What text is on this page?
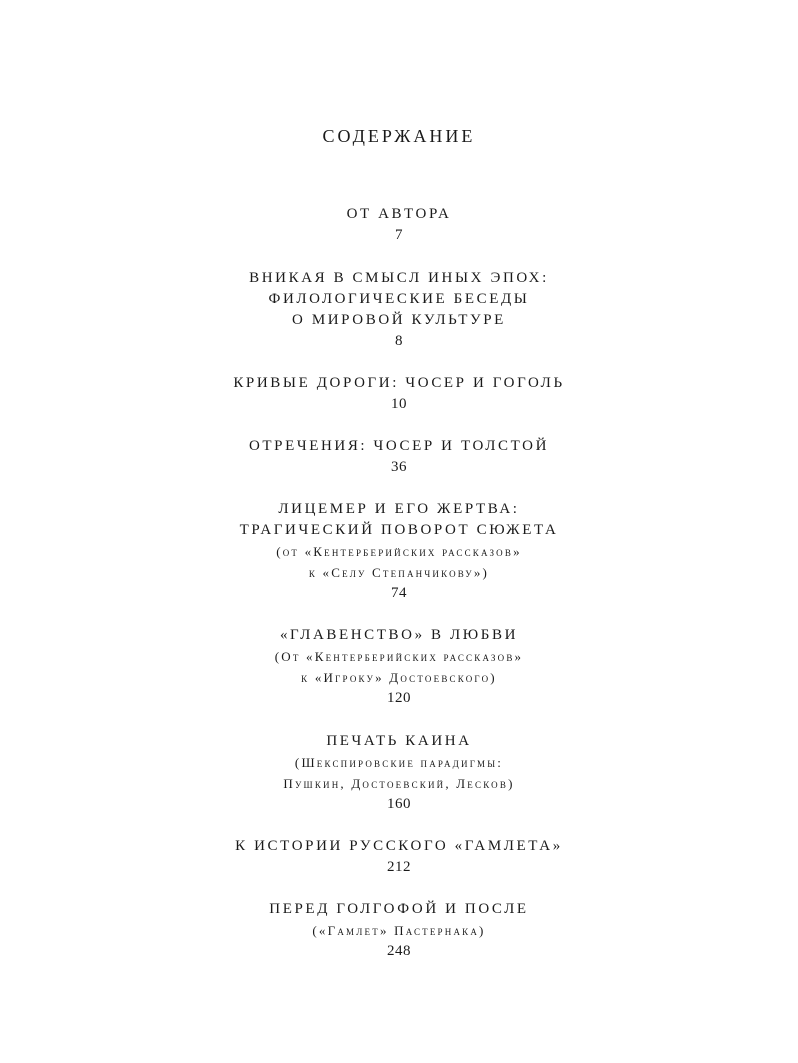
СОДЕРЖАНИЕ
ОТ АВТОРА
7
ВНИКАЯ В СМЫСЛ ИНЫХ ЭПОХ:
ФИЛОЛОГИЧЕСКИЕ БЕСЕДЫ
О МИРОВОЙ КУЛЬТУРЕ
8
КРИВЫЕ ДОРОГИ: ЧОСЕР И ГОГОЛЬ
10
ОТРЕЧЕНИЯ: ЧОСЕР И ТОЛСТОЙ
36
ЛИЦЕМЕР И ЕГО ЖЕРТВА:
ТРАГИЧЕСКИЙ ПОВОРОТ СЮЖЕТА
(от «Кентерберийских рассказов»
к «Селу Степанчикову»)
74
«ГЛАВЕНСТВО» В ЛЮБВИ
(От «Кентерберийских рассказов»
к «Игроку» Достоевского)
120
ПЕЧАТЬ КАИНА
(Шекспировские парадигмы:
Пушкин, Достоевский, Лесков)
160
К ИСТОРИИ РУССКОГО «ГАМЛЕТА»
212
ПЕРЕД ГОЛГОФОЙ И ПОСЛЕ
(«Гамлет» Пастернака)
248
